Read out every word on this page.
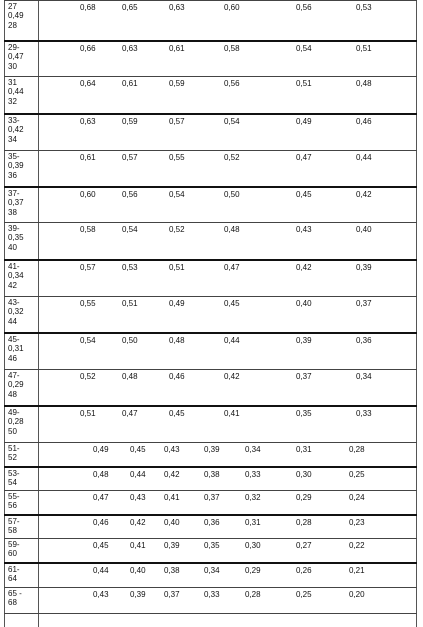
27
0,49
28
0,68	0,65	0,63	0,60	0,56	0,53
29-
0,47
30
0,66	0,63	0,61	0,58	0,54	0,51
31
0,44
32
0,64	0,61	0,59	0,56	0,51	0,48
33-
0,42
34
0,63	0,59	0,57	0,54	0,49	0,46
35-
0,39
36
0,61	0,57	0,55	0,52	0,47	0,44
37-
0,37
38
0,60	0,56	0,54	0,50	0,45	0,42
39-
0,35
40
0,58	0,54	0,52	0,48	0,43	0,40
41-
0,34
42
0,57	0,53	0,51	0,47	0,42	0,39
43-
0,32
44
0,55	0,51	0,49	0,45	0,40	0,37
45-
0,31
46
0,54	0,50	0,48	0,44	0,39	0,36
47-
0,29
48
0,52	0,48	0,46	0,42	0,37	0,34
49-
0,28
50
0,51	0,47	0,45	0,41	0,35	0,33
51-
52
0,49	0,45 0,43	0,39	0,34	0,31	0,28
53-
54
0,48	0,44 0,42	0,38	0,33	0,30	0,25
55-
56
0,47	0,43 0,41	0,37	0,32	0,29	0,24
57-
58
0,46	0,42 0,40	0,36	0,31	0,28	0,23
59-
60
0,45	0,41 0,39	0,35	0,30	0,27	0,22
61-
64
0,44	0,40 0,38	0,34	0,29	0,26	0,21
65 -
68
0,43	0,39 0,37	0,33	0,28	0,25	0,20
